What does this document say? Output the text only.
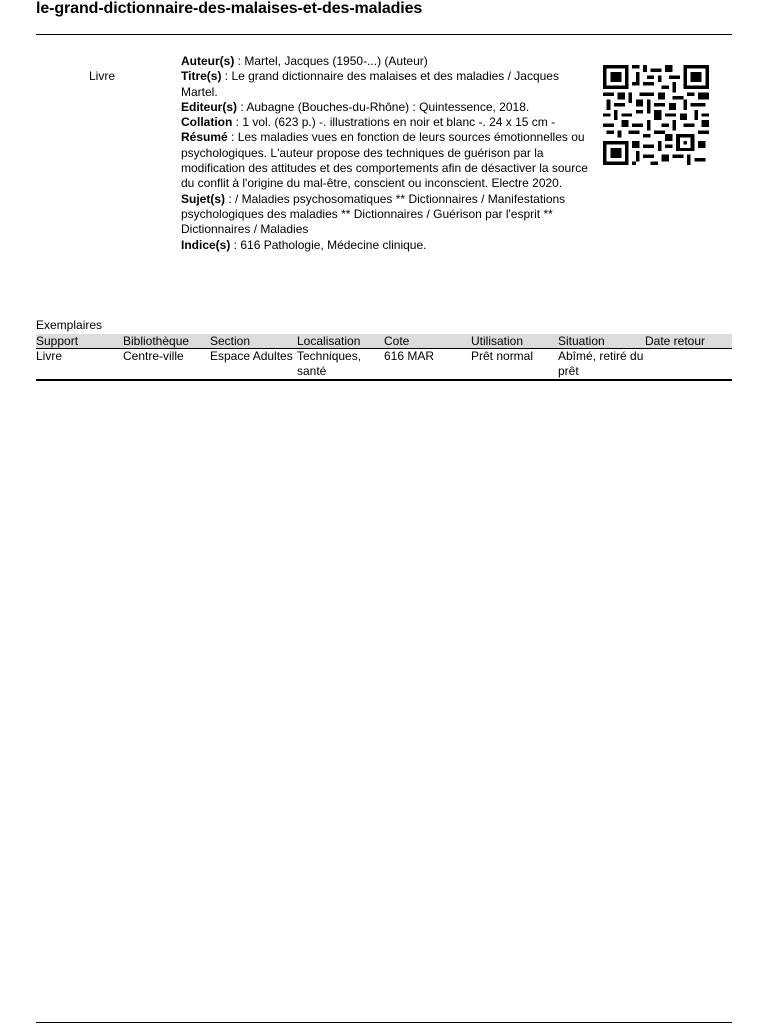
le-grand-dictionnaire-des-malaises-et-des-maladies
Livre

Auteur(s) : Martel, Jacques (1950-...) (Auteur)

Titre(s) : Le grand dictionnaire des malaises et des maladies / Jacques Martel.

Editeur(s) : Aubagne (Bouches-du-Rhône) : Quintessence, 2018.

Collation : 1 vol. (623 p.) -. illustrations en noir et blanc -. 24 x 15 cm -

Résumé : Les maladies vues en fonction de leurs sources émotionnelles ou psychologiques. L'auteur propose des techniques de guérison par la modification des attitudes et des comportements afin de désactiver la source du conflit à l'origine du mal-être, conscient ou inconscient. Electre 2020.

Sujet(s) : / Maladies psychosomatiques ** Dictionnaires / Manifestations psychologiques des maladies ** Dictionnaires / Guérison par l'esprit ** Dictionnaires / Maladies

Indice(s) : 616 Pathologie, Médecine clinique.

Exemplaires
Support	Bibliothèque	Section	Localisation	Cote	Utilisation	Situation	Date retour
Livre	Centre-ville	Espace Adultes	Techniques, santé	616 MAR	Prêt normal	Abîmé, retiré du prêt	
